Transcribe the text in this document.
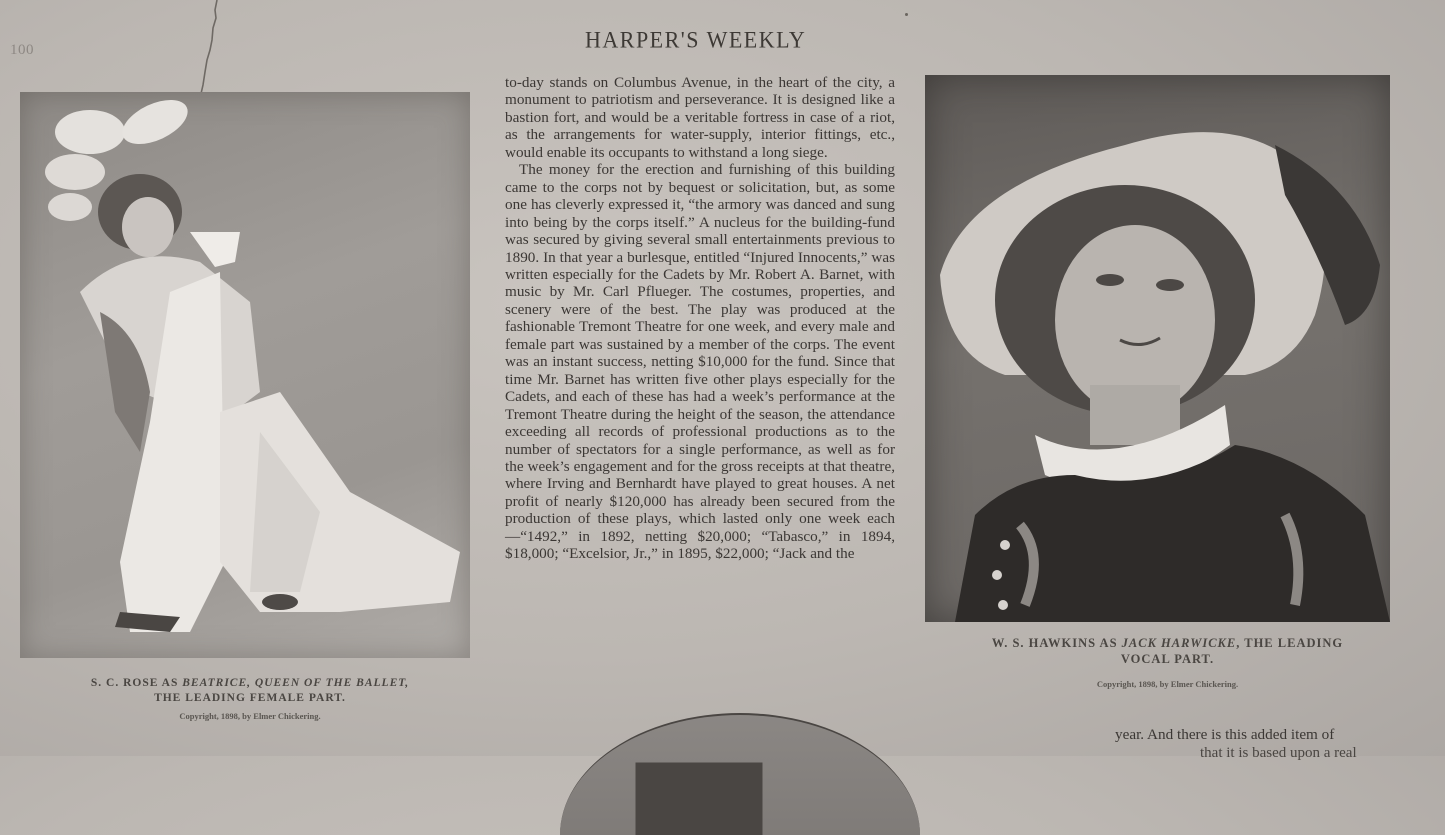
100	HARPER'S WEEKLY

to-day stands on Columbus Avenue, in the heart of the city, a monument to patriotism and perseverance. It is designed like a bastion fort, and would be a veritable fortress in case of a riot, as the arrangements for water-supply, interior fittings, etc., would enable its occupants to withstand a long siege.

The money for the erection and furnishing of this building came to the corps not by bequest or solicitation, but, as some one has cleverly expressed it, “the armory was danced and sung into being by the corps itself.” A nucleus for the building-fund was secured by giving several small entertainments previous to 1890. In that year a burlesque, entitled “Injured Innocents,” was written especially for the Cadets by Mr. Robert A. Barnet, with music by Mr. Carl Pflueger. The costumes, properties, and scenery were of the best. The play was produced at the fashionable Tremont Theatre for one week, and every male and female part was sustained by a member of the corps. The event was an instant success, netting $10,000 for the fund. Since that time Mr. Barnet has written five other plays especially for the Cadets, and each of these has had a week’s performance at the Tremont Theatre during the height of the season, the attendance exceeding all records of professional productions as to the number of spectators for a single performance, as well as for the week’s engagement and for the gross receipts at that theatre, where Irving and Bernhardt have played to great houses. A net profit of nearly $120,000 has already been secured from the production of these plays, which lasted only one week each—“1492,” in 1892, netting $20,000; “Tabasco,” in 1894, $18,000; “Excelsior, Jr.,” in 1895, $22,000; “Jack and the

S. C. ROSE AS BEATRICE, QUEEN OF THE BALLET,
THE LEADING FEMALE PART.
Copyright, 1898, by Elmer Chickering.
W. S. HAWKINS AS JACK HARWICKE, THE LEADING
VOCAL PART.
Copyright, 1898, by Elmer Chickering.
year. And there is this added item of
that it is based upon a real
